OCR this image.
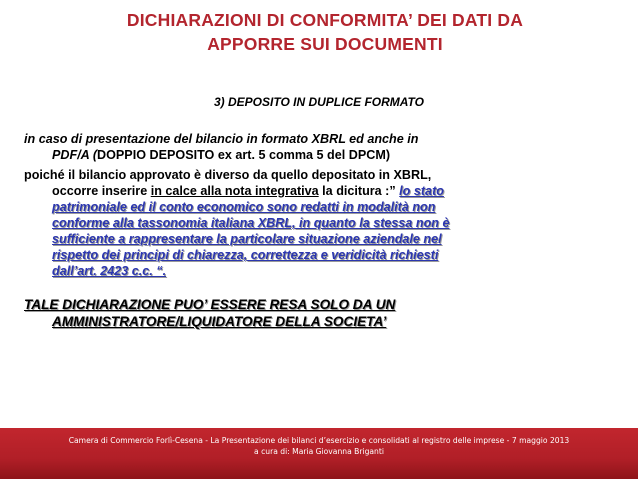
DICHIARAZIONI DI CONFORMITA’ DEI DATI DA
APPORRE SUI DOCUMENTI
3) DEPOSITO IN DUPLICE FORMATO
in caso di presentazione del bilancio in formato XBRL ed anche in
PDF/A (DOPPIO DEPOSITO ex art. 5 comma 5 del DPCM)
poiché il bilancio approvato è diverso da quello depositato in XBRL,
occorre inserire in calce alla nota integrativa la dicitura :” lo stato
patrimoniale ed il conto economico sono redatti in modalità non
conforme alla tassonomia italiana XBRL, in quanto la stessa non è
sufficiente a rappresentare la particolare situazione aziendale nel
rispetto dei principi di chiarezza, correttezza e veridicità richiesti
dall’art. 2423 c.c. “.
TALE DICHIARAZIONE PUO’ ESSERE RESA SOLO DA UN
AMMINISTRATORE/LIQUIDATORE DELLA SOCIETA’
Camera di Commercio Forlì-Cesena - La Presentazione dei bilanci d’esercizio e consolidati al registro delle imprese - 7 maggio 2013
a cura di: Maria Giovanna Briganti
